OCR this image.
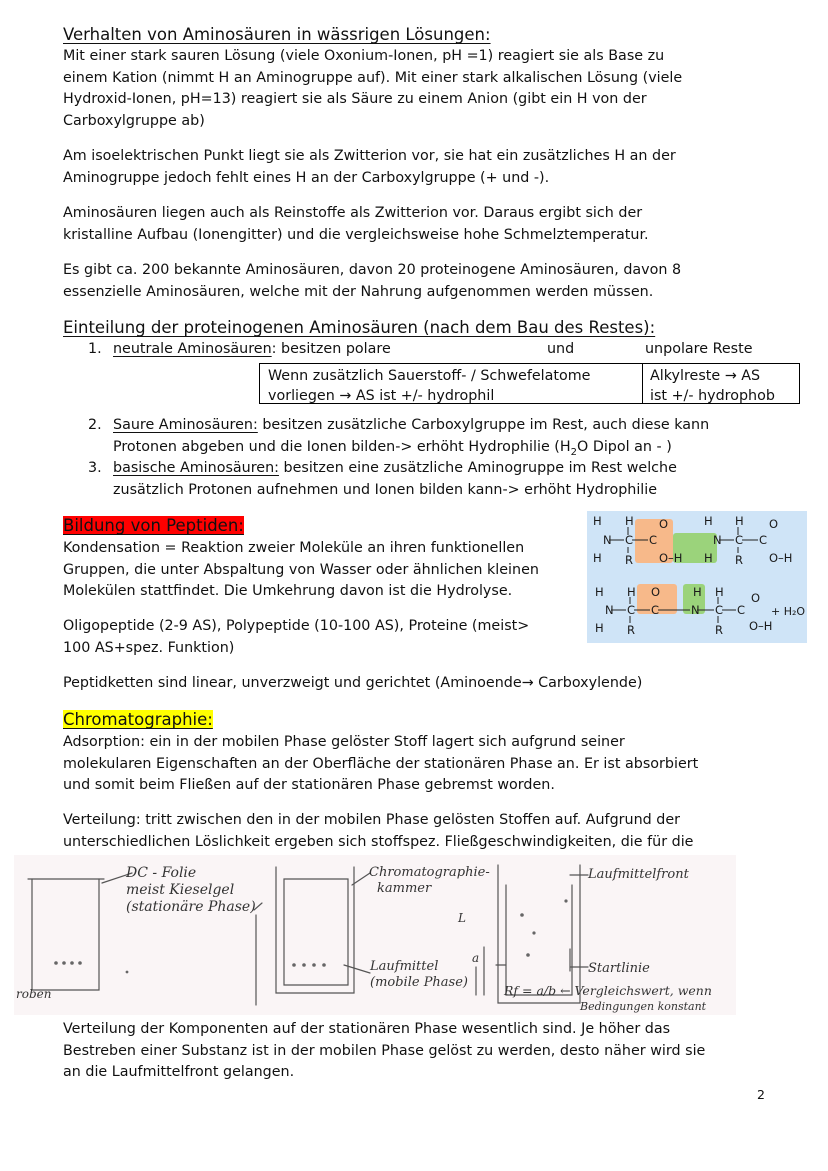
Verhalten von Aminosäuren in wässrigen Lösungen:
Mit einer stark sauren Lösung (viele Oxonium-Ionen, pH =1) reagiert sie als Base zu
einem Kation (nimmt H an Aminogruppe auf). Mit einer stark alkalischen Lösung (viele
Hydroxid-Ionen, pH=13) reagiert sie als Säure zu einem Anion (gibt ein H von der
Carboxylgruppe ab)
Am isoelektrischen Punkt liegt sie als Zwitterion vor, sie hat ein zusätzliches H an der
Aminogruppe jedoch fehlt eines H an der Carboxylgruppe (+ und -).
Aminosäuren liegen auch als Reinstoffe als Zwitterion vor. Daraus ergibt sich der
kristalline Aufbau (Ionengitter) und die vergleichsweise hohe Schmelztemperatur.
Es gibt ca. 200 bekannte Aminosäuren, davon 20 proteinogene Aminosäuren, davon 8
essenzielle Aminosäuren, welche mit der Nahrung aufgenommen werden müssen.
Einteilung der proteinogenen Aminosäuren (nach dem Bau des Restes):
1. neutrale Aminosäuren: besitzen polare	und	unpolare Reste
Wenn zusätzlich Sauerstoff- / Schwefelatome
vorliegen → AS ist +/- hydrophil
Alkylreste → AS
ist +/- hydrophob
2. Saure Aminosäuren: besitzen zusätzliche Carboxylgruppe im Rest, auch diese kann
Protonen abgeben und die Ionen bilden-> erhöht Hydrophilie ($H_2O$ Dipol an - )
3. basische Aminosäuren: besitzen eine zusätzliche Aminogruppe im Rest welche
zusätzlich Protonen aufnehmen und Ionen bilden kann-> erhöht Hydrophilie
Bildung von Peptiden:
Kondensation = Reaktion zweier Moleküle an ihren funktionellen
Gruppen, die unter Abspaltung von Wasser oder ähnlichen kleinen
Molekülen stattfindet. Die Umkehrung davon ist die Hydrolyse.
Oligopeptide (2-9 AS), Polypeptide (10-100 AS), Proteine (meist>
100 AS+spez. Funktion)
Peptidketten sind linear, unverzweigt und gerichtet (Aminoende→ Carboxylende)
H H	H H
O	O
N C C	N C C
H R O–H H R O–H
H H O	H H O
N C C	N C C
H R	R O–H
+ H₂O
Chromatographie:
Adsorption: ein in der mobilen Phase gelöster Stoff lagert sich aufgrund seiner
molekularen Eigenschaften an der Oberfläche der stationären Phase an. Er ist absorbiert
und somit beim Fließen auf der stationären Phase gebremst worden.
Verteilung: tritt zwischen den in der mobilen Phase gelösten Stoffen auf. Aufgrund der
unterschiedlichen Löslichkeit ergeben sich stoffspez. Fließgeschwindigkeiten, die für die
DC - Folie
meist Kieselgel
(stationäre Phase)
Chromatographie-
kammer
Laufmittelfront
Laufmittel
(mobile Phase)
Startlinie
roben	Rf = a/b ← Vergleichswert, wenn
Bedingungen konstant
L
a
Verteilung der Komponenten auf der stationären Phase wesentlich sind. Je höher das
Bestreben einer Substanz ist in der mobilen Phase gelöst zu werden, desto näher wird sie
an die Laufmittelfront gelangen.
2
